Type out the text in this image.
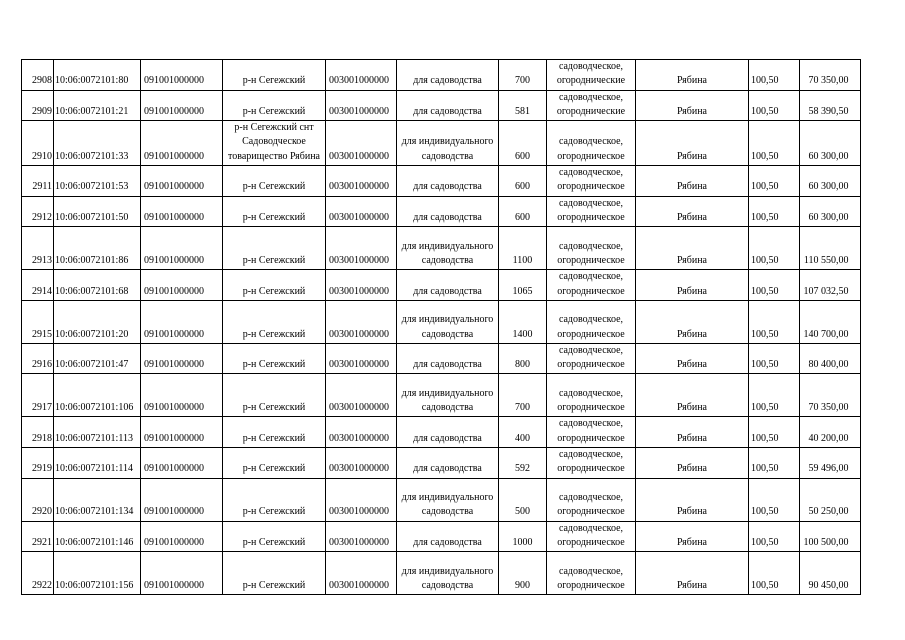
2908	10:06:0072101:80	091001000000	р-н Сегежский	003001000000	для садоводства	700	садоводческое, огороднические	Рябина	100,50	70 350,00
2909	10:06:0072101:21	091001000000	р-н Сегежский	003001000000	для садоводства	581	садоводческое, огороднические	Рябина	100,50	58 390,50
2910	10:06:0072101:33	091001000000	р-н Сегежский снт Садоводческое товарищество Рябина	003001000000	для индивидуального садоводства	600	садоводческое, огородническое	Рябина	100,50	60 300,00
2911	10:06:0072101:53	091001000000	р-н Сегежский	003001000000	для садоводства	600	садоводческое, огородническое	Рябина	100,50	60 300,00
2912	10:06:0072101:50	091001000000	р-н Сегежский	003001000000	для садоводства	600	садоводческое, огородническое	Рябина	100,50	60 300,00
2913	10:06:0072101:86	091001000000	р-н Сегежский	003001000000	для индивидуального садоводства	1100	садоводческое, огородническое	Рябина	100,50	110 550,00
2914	10:06:0072101:68	091001000000	р-н Сегежский	003001000000	для садоводства	1065	садоводческое, огородническое	Рябина	100,50	107 032,50
2915	10:06:0072101:20	091001000000	р-н Сегежский	003001000000	для индивидуального садоводства	1400	садоводческое, огородническое	Рябина	100,50	140 700,00
2916	10:06:0072101:47	091001000000	р-н Сегежский	003001000000	для садоводства	800	садоводческое, огородническое	Рябина	100,50	80 400,00
2917	10:06:0072101:106	091001000000	р-н Сегежский	003001000000	для индивидуального садоводства	700	садоводческое, огородническое	Рябина	100,50	70 350,00
2918	10:06:0072101:113	091001000000	р-н Сегежский	003001000000	для садоводства	400	садоводческое, огородническое	Рябина	100,50	40 200,00
2919	10:06:0072101:114	091001000000	р-н Сегежский	003001000000	для садоводства	592	садоводческое, огородническое	Рябина	100,50	59 496,00
2920	10:06:0072101:134	091001000000	р-н Сегежский	003001000000	для индивидуального садоводства	500	садоводческое, огородническое	Рябина	100,50	50 250,00
2921	10:06:0072101:146	091001000000	р-н Сегежский	003001000000	для садоводства	1000	садоводческое, огородническое	Рябина	100,50	100 500,00
2922	10:06:0072101:156	091001000000	р-н Сегежский	003001000000	для индивидуального садоводства	900	садоводческое, огородническое	Рябина	100,50	90 450,00
